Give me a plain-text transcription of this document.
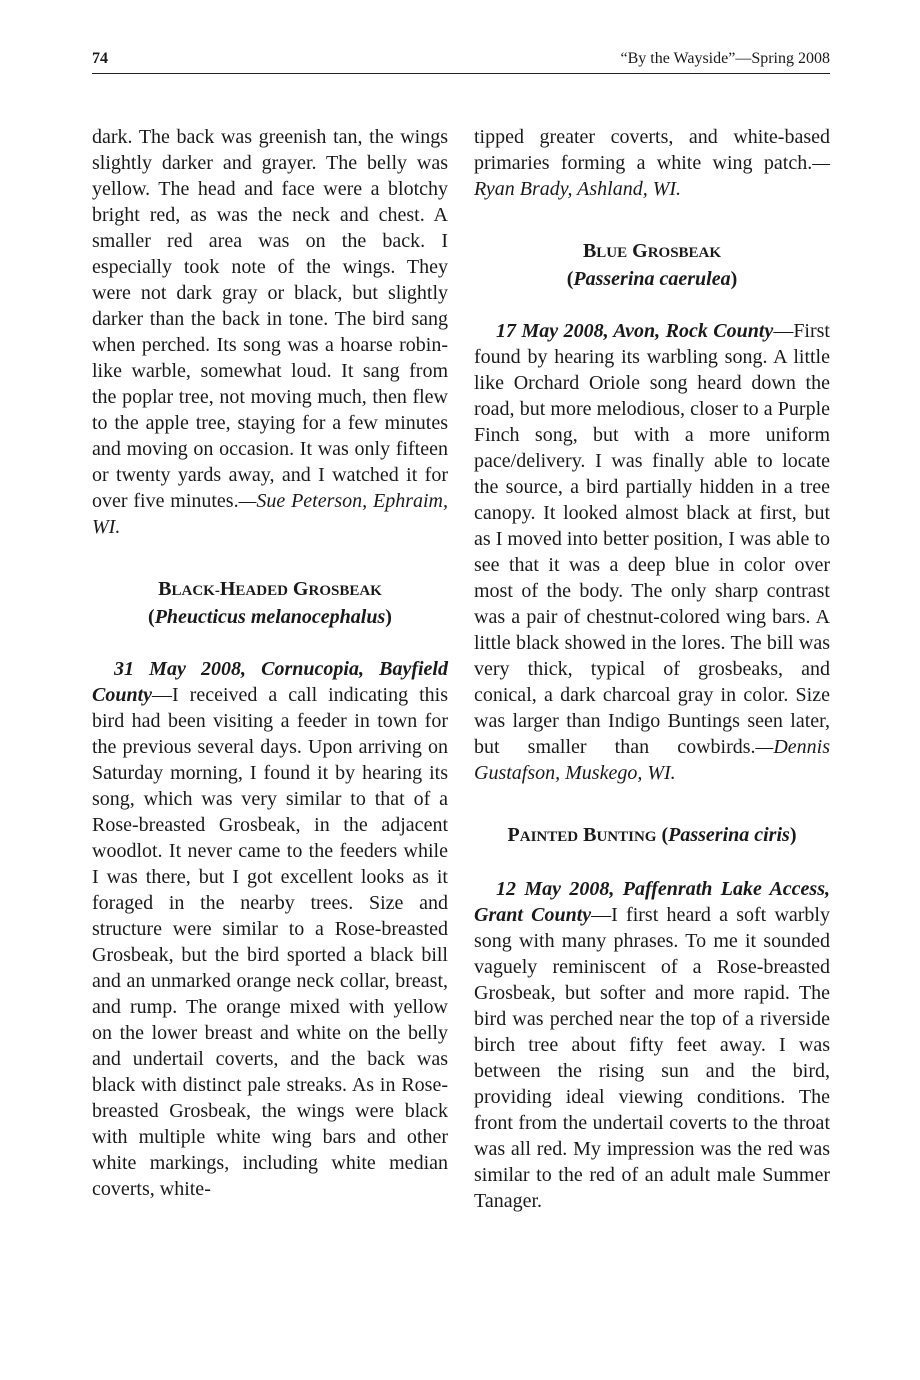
74	“By the Wayside”—Spring 2008

dark. The back was greenish tan, the wings slightly darker and grayer. The belly was yellow. The head and face were a blotchy bright red, as was the neck and chest. A smaller red area was on the back. I especially took note of the wings. They were not dark gray or black, but slightly darker than the back in tone. The bird sang when perched. Its song was a hoarse robin-like warble, somewhat loud. It sang from the poplar tree, not moving much, then flew to the apple tree, staying for a few minutes and moving on occasion. It was only fifteen or twenty yards away, and I watched it for over five minutes.—Sue Peterson, Ephraim, WI.

BLACK-HEADED GROSBEAK
(Pheucticus melanocephalus)

31 May 2008, Cornucopia, Bayfield County—I received a call indicating this bird had been visiting a feeder in town for the previous several days. Upon arriving on Saturday morning, I found it by hearing its song, which was very similar to that of a Rose-breasted Grosbeak, in the adjacent woodlot. It never came to the feeders while I was there, but I got excellent looks as it foraged in the nearby trees. Size and structure were similar to a Rose-breasted Grosbeak, but the bird sported a black bill and an unmarked orange neck collar, breast, and rump. The orange mixed with yellow on the lower breast and white on the belly and undertail coverts, and the back was black with distinct pale streaks. As in Rose-breasted Grosbeak, the wings were black with multiple white wing bars and other white markings, including white median coverts, white-

tipped greater coverts, and white-based primaries forming a white wing patch.—Ryan Brady, Ashland, WI.

BLUE GROSBEAK
(Passerina caerulea)

17 May 2008, Avon, Rock County—First found by hearing its warbling song. A little like Orchard Oriole song heard down the road, but more melodious, closer to a Purple Finch song, but with a more uniform pace/delivery. I was finally able to locate the source, a bird partially hidden in a tree canopy. It looked almost black at first, but as I moved into better position, I was able to see that it was a deep blue in color over most of the body. The only sharp contrast was a pair of chestnut-colored wing bars. A little black showed in the lores. The bill was very thick, typical of grosbeaks, and conical, a dark charcoal gray in color. Size was larger than Indigo Buntings seen later, but smaller than cowbirds.—Dennis Gustafson, Muskego, WI.

PAINTED BUNTING (Passerina ciris)

12 May 2008, Paffenrath Lake Access, Grant County—I first heard a soft warbly song with many phrases. To me it sounded vaguely reminiscent of a Rose-breasted Grosbeak, but softer and more rapid. The bird was perched near the top of a riverside birch tree about fifty feet away. I was between the rising sun and the bird, providing ideal viewing conditions. The front from the undertail coverts to the throat was all red. My impression was the red was similar to the red of an adult male Summer Tanager.
